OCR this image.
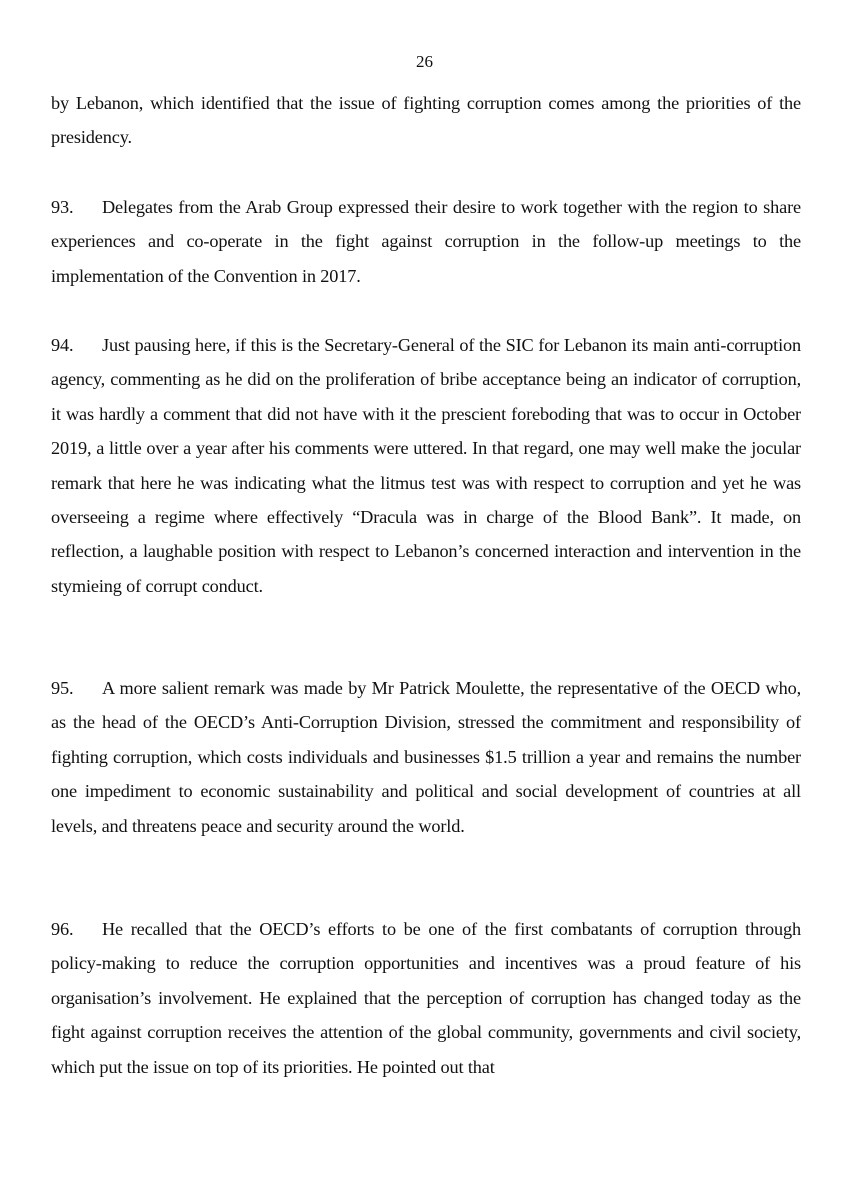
26

by Lebanon, which identified that the issue of fighting corruption comes among the priorities of the presidency.

93. Delegates from the Arab Group expressed their desire to work together with the region to share experiences and co-operate in the fight against corruption in the follow-up meetings to the implementation of the Convention in 2017.

94. Just pausing here, if this is the Secretary-General of the SIC for Lebanon its main anti-corruption agency, commenting as he did on the proliferation of bribe acceptance being an indicator of corruption, it was hardly a comment that did not have with it the prescient foreboding that was to occur in October 2019, a little over a year after his comments were uttered. In that regard, one may well make the jocular remark that here he was indicating what the litmus test was with respect to corruption and yet he was overseeing a regime where effectively “Dracula was in charge of the Blood Bank”. It made, on reflection, a laughable position with respect to Lebanon’s concerned interaction and intervention in the stymieing of corrupt conduct.

95. A more salient remark was made by Mr Patrick Moulette, the representative of the OECD who, as the head of the OECD’s Anti-Corruption Division, stressed the commitment and responsibility of fighting corruption, which costs individuals and businesses $1.5 trillion a year and remains the number one impediment to economic sustainability and political and social development of countries at all levels, and threatens peace and security around the world.

96. He recalled that the OECD’s efforts to be one of the first combatants of corruption through policy-making to reduce the corruption opportunities and incentives was a proud feature of his organisation’s involvement. He explained that the perception of corruption has changed today as the fight against corruption receives the attention of the global community, governments and civil society, which put the issue on top of its priorities. He pointed out that
